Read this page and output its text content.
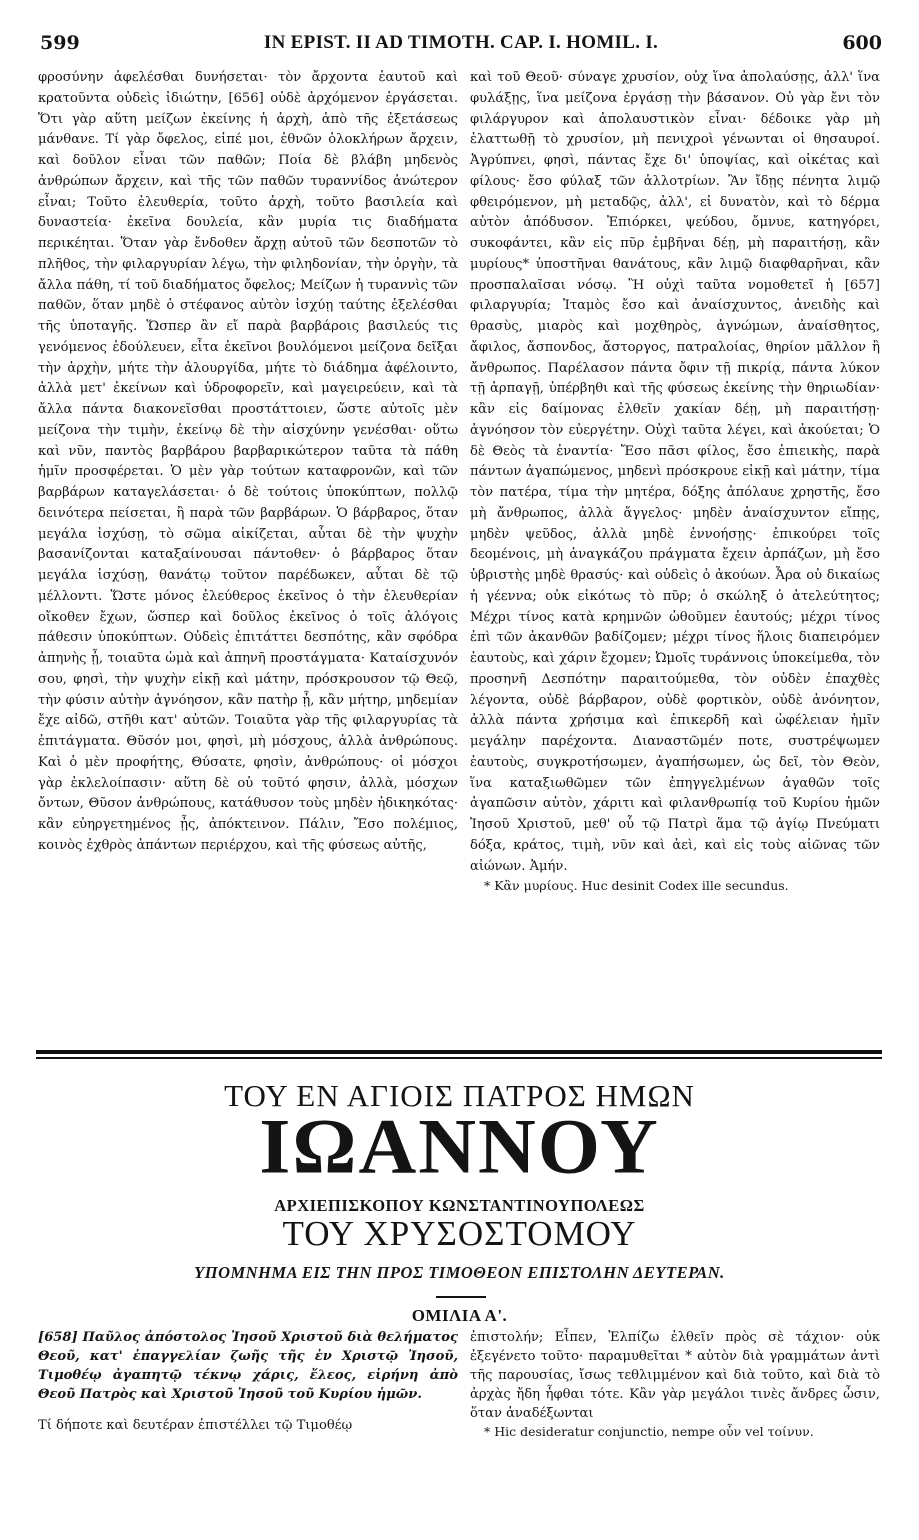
599	IN EPIST. II AD TIMOTH. CAP. I. HOMIL. I.	600

φροσύνην ἀφελέσθαι δυνήσεται· τὸν ἄρχοντα ἑαυτοῦ καὶ κρατοῦντα οὐδεὶς ἰδιώτην, [656] οὐδὲ ἀρχόμενον ἐργάσεται. Ὅτι γὰρ αὕτη μείζων ἐκείνης ἡ ἀρχὴ, ἀπὸ τῆς ἐξετάσεως μάνθανε. Τί γὰρ ὄφελος, εἰπέ μοι, ἐθνῶν ὁλοκλήρων ἄρχειν, καὶ δοῦλον εἶναι τῶν παθῶν; Ποία δὲ βλάβη μηδενὸς ἀνθρώπων ἄρχειν, καὶ τῆς τῶν παθῶν τυραννίδος ἀνώτερον εἶναι; Τοῦτο ἐλευθερία, τοῦτο ἀρχὴ, τοῦτο βασιλεία καὶ δυναστεία· ἐκεῖνα δουλεία, κἂν μυρία τις διαδήματα περικέηται. Ὅταν γὰρ ἔνδοθεν ἄρχῃ αὐτοῦ τῶν δεσποτῶν τὸ πλῆθος, τὴν φιλαργυρίαν λέγω, τὴν φιληδονίαν, τὴν ὀργὴν, τὰ ἄλλα πάθη, τί τοῦ διαδήματος ὄφελος; Μείζων ἡ τυραννὶς τῶν παθῶν, ὅταν μηδὲ ὁ στέφανος αὐτὸν ἰσχύῃ ταύτης ἐξελέσθαι τῆς ὑποταγῆς. Ὥσπερ ἂν εἴ παρὰ βαρβάροις βασιλεύς τις γενόμενος ἐδούλευεν, εἶτα ἐκεῖνοι βουλόμενοι μείζονα δεῖξαι τὴν ἀρχὴν, μήτε τὴν ἁλουργίδα, μήτε τὸ διάδημα ἀφέλοιντο, ἀλλὰ μετ' ἐκείνων καὶ ὑδροφορεῖν, καὶ μαγειρεύειν, καὶ τὰ ἄλλα πάντα διακονεῖσθαι προστάττοιεν, ὥστε αὐτοῖς μὲν μείζονα τὴν τιμὴν, ἐκείνῳ δὲ τὴν αἰσχύνην γενέσθαι· οὕτω καὶ νῦν, παντὸς βαρβάρου βαρβαρικώτερον ταῦτα τὰ πάθη ἡμῖν προσφέρεται. Ὁ μὲν γὰρ τούτων καταφρονῶν, καὶ τῶν βαρβάρων καταγελάσεται· ὁ δὲ τούτοις ὑποκύπτων, πολλῷ δεινότερα πείσεται, ἢ παρὰ τῶν βαρβάρων. Ὁ βάρβαρος, ὅταν μεγάλα ἰσχύσῃ, τὸ σῶμα αἰκίζεται, αὗται δὲ τὴν ψυχὴν βασανίζονται καταξαίνουσαι πάντοθεν· ὁ βάρβαρος ὅταν μεγάλα ἰσχύσῃ, θανάτῳ τοῦτον παρέδωκεν, αὗται δὲ τῷ μέλλοντι. Ὥστε μόνος ἐλεύθερος ἐκεῖνος ὁ τὴν ἐλευθερίαν οἴκοθεν ἔχων, ὥσπερ καὶ δοῦλος ἐκεῖνος ὁ τοῖς ἀλόγοις πάθεσιν ὑποκύπτων. Οὐδεὶς ἐπιτάττει δεσπότης, κἂν σφόδρα ἀπηνὴς ᾖ, τοιαῦτα ὠμὰ καὶ ἀπηνῆ προστάγματα· Καταίσχυνόν σου, φησὶ, τὴν ψυχὴν εἰκῇ καὶ μάτην, πρόσκρουσον τῷ Θεῷ, τὴν φύσιν αὐτὴν ἀγνόησον, κἂν πατὴρ ᾖ, κἂν μήτηρ, μηδεμίαν ἔχε αἰδῶ, στῆθι κατ' αὐτῶν. Τοιαῦτα γὰρ τῆς φιλαργυρίας τὰ ἐπιτάγματα. Θῦσόν μοι, φησὶ, μὴ μόσχους, ἀλλὰ ἀνθρώπους. Καὶ ὁ μὲν προφήτης, Θύσατε, φησὶν, ἀνθρώπους· οἱ μόσχοι γὰρ ἐκλελοίπασιν· αὕτη δὲ οὐ τοῦτό φησιν, ἀλλὰ, μόσχων ὄντων, Θῦσον ἀνθρώπους, κατάθυσον τοὺς μηδὲν ἠδικηκότας· κἂν εὐηργετημένος ᾖς, ἀπόκτεινον. Πάλιν, Ἔσο πολέμιος, κοινὸς ἐχθρὸς ἁπάντων περιέρχου, καὶ τῆς φύσεως αὐτῆς,

καὶ τοῦ Θεοῦ· σύναγε χρυσίον, οὐχ ἵνα ἀπολαύσῃς, ἀλλ' ἵνα φυλάξῃς, ἵνα μείζονα ἐργάσῃ τὴν βάσανον. Οὐ γὰρ ἔνι τὸν φιλάργυρον καὶ ἀπολαυστικὸν εἶναι· δέδοικε γὰρ μὴ ἐλαττωθῇ τὸ χρυσίον, μὴ πενιχροὶ γένωνται οἱ θησαυροί. Ἀγρύπνει, φησὶ, πάντας ἔχε δι' ὑποψίας, καὶ οἰκέτας καὶ φίλους· ἔσο φύλαξ τῶν ἀλλοτρίων. Ἂν ἴδῃς πένητα λιμῷ φθειρόμενον, μὴ μεταδῷς, ἀλλ', εἰ δυνατὸν, καὶ τὸ δέρμα αὐτὸν ἀπόδυσον. Ἐπιόρκει, ψεύδου, ὄμνυε, κατηγόρει, συκοφάντει, κἂν εἰς πῦρ ἐμβῆναι δέῃ, μὴ παραιτήσῃ, κἂν μυρίους* ὑποστῆναι θανάτους, κἂν λιμῷ διαφθαρῆναι, κἂν προσπαλαῖσαι νόσῳ. Ἢ οὐχὶ ταῦτα νομοθετεῖ ἡ [657] φιλαργυρία; Ἰταμὸς ἔσο καὶ ἀναίσχυντος, ἀνειδὴς καὶ θρασὺς, μιαρὸς καὶ μοχθηρὸς, ἀγνώμων, ἀναίσθητος, ἄφιλος, ἄσπονδος, ἄστοργος, πατραλοίας, θηρίον μᾶλλον ἢ ἄνθρωπος. Παρέλασον πάντα ὄφιν τῇ πικρίᾳ, πάντα λύκον τῇ ἁρπαγῇ, ὑπέρβηθι καὶ τῆς φύσεως ἐκείνης τὴν θηριωδίαν· κἂν εἰς δαίμονας ἐλθεῖν χακίαν δέῃ, μὴ παραιτήσῃ· ἀγνόησον τὸν εὐεργέτην. Οὐχὶ ταῦτα λέγει, καὶ ἀκούεται; Ὁ δὲ Θεὸς τὰ ἐναντία· Ἔσο πᾶσι φίλος, ἔσο ἐπιεικὴς, παρὰ πάντων ἀγαπώμενος, μηδενὶ πρόσκρουε εἰκῇ καὶ μάτην, τίμα τὸν πατέρα, τίμα τὴν μητέρα, δόξης ἀπόλαυε χρηστῆς, ἔσο μὴ ἄνθρωπος, ἀλλὰ ἄγγελος· μηδὲν ἀναίσχυντον εἴπῃς, μηδὲν ψεῦδος, ἀλλὰ μηδὲ ἐννοήσῃς· ἐπικούρει τοῖς δεομένοις, μὴ ἀναγκάζου πράγματα ἔχειν ἁρπάζων, μὴ ἔσο ὑβριστὴς μηδὲ θρασύς· καὶ οὐδεὶς ὁ ἀκούων. Ἆρα οὐ δικαίως ἡ γέεννα; οὐκ εἰκότως τὸ πῦρ; ὁ σκώληξ ὁ ἀτελεύτητος; Μέχρι τίνος κατὰ κρημνῶν ὠθοῦμεν ἑαυτούς; μέχρι τίνος ἐπὶ τῶν ἀκανθῶν βαδίζομεν; μέχρι τίνος ἥλοις διαπειρόμεν ἑαυτοὺς, καὶ χάριν ἔχομεν; Ὠμοῖς τυράννοις ὑποκείμεθα, τὸν προσηνῆ Δεσπότην παραιτούμεθα, τὸν οὐδὲν ἐπαχθὲς λέγοντα, οὐδὲ βάρβαρον, οὐδὲ φορτικὸν, οὐδὲ ἀνόνητον, ἀλλὰ πάντα χρήσιμα καὶ ἐπικερδῆ καὶ ὠφέλειαν ἡμῖν μεγάλην παρέχοντα. Διαναστῶμέν ποτε, συστρέψωμεν ἑαυτοὺς, συγκροτήσωμεν, ἀγαπήσωμεν, ὡς δεῖ, τὸν Θεὸν, ἵνα καταξιωθῶμεν τῶν ἐπηγγελμένων ἀγαθῶν τοῖς ἀγαπῶσιν αὐτὸν, χάριτι καὶ φιλανθρωπίᾳ τοῦ Κυρίου ἡμῶν Ἰησοῦ Χριστοῦ, μεθ' οὗ τῷ Πατρὶ ἅμα τῷ ἁγίῳ Πνεύματι δόξα, κράτος, τιμὴ, νῦν καὶ ἀεὶ, καὶ εἰς τοὺς αἰῶνας τῶν αἰώνων. Ἀμήν.

* Κἂν μυρίους. Huc desinit Codex ille secundus.

ΤΟΥ ΕΝ ΑΓΙΟΙΣ ΠΑΤΡΟΣ ΗΜΩΝ
ΙΩΑΝΝΟΥ
ΑΡΧΙΕΠΙΣΚΟΠΟΥ ΚΩΝΣΤΑΝΤΙΝΟΥΠΟΛΕΩΣ
ΤΟΥ ΧΡΥΣΟΣΤΟΜΟΥ
ΥΠΟΜΝΗΜΑ ΕΙΣ ΤΗΝ ΠΡΟΣ ΤΙΜΟΘΕΟΝ ΕΠΙΣΤΟΛΗΝ ΔΕΥΤΕΡΑΝ.
ΟΜΙΛΙΑ Α'.

[658] Παῦλος ἀπόστολος Ἰησοῦ Χριστοῦ διὰ θελήματος Θεοῦ, κατ' ἐπαγγελίαν ζωῆς τῆς ἐν Χριστῷ Ἰησοῦ, Τιμοθέῳ ἀγαπητῷ τέκνῳ χάρις, ἔλεος, εἰρήνη ἀπὸ Θεοῦ Πατρὸς καὶ Χριστοῦ Ἰησοῦ τοῦ Κυρίου ἡμῶν.

Τί δήποτε καὶ δευτέραν ἐπιστέλλει τῷ Τιμοθέῳ

ἐπιστολήν; Εἶπεν, Ἐλπίζω ἐλθεῖν πρὸς σὲ τάχιον· οὐκ ἐξεγένετο τοῦτο· παραμυθεῖται * αὐτὸν διὰ γραμμάτων ἀντὶ τῆς παρουσίας, ἴσως τεθλιμμένον καὶ διὰ τοῦτο, καὶ διὰ τὸ ἀρχὰς ἤδη ἧφθαι τότε. Κἂν γὰρ μεγάλοι τινὲς ἄνδρες ὦσιν, ὅταν ἀναδέξωνται

* Hic desideratur conjunctio, nempe οὖν vel τοίνυν.
